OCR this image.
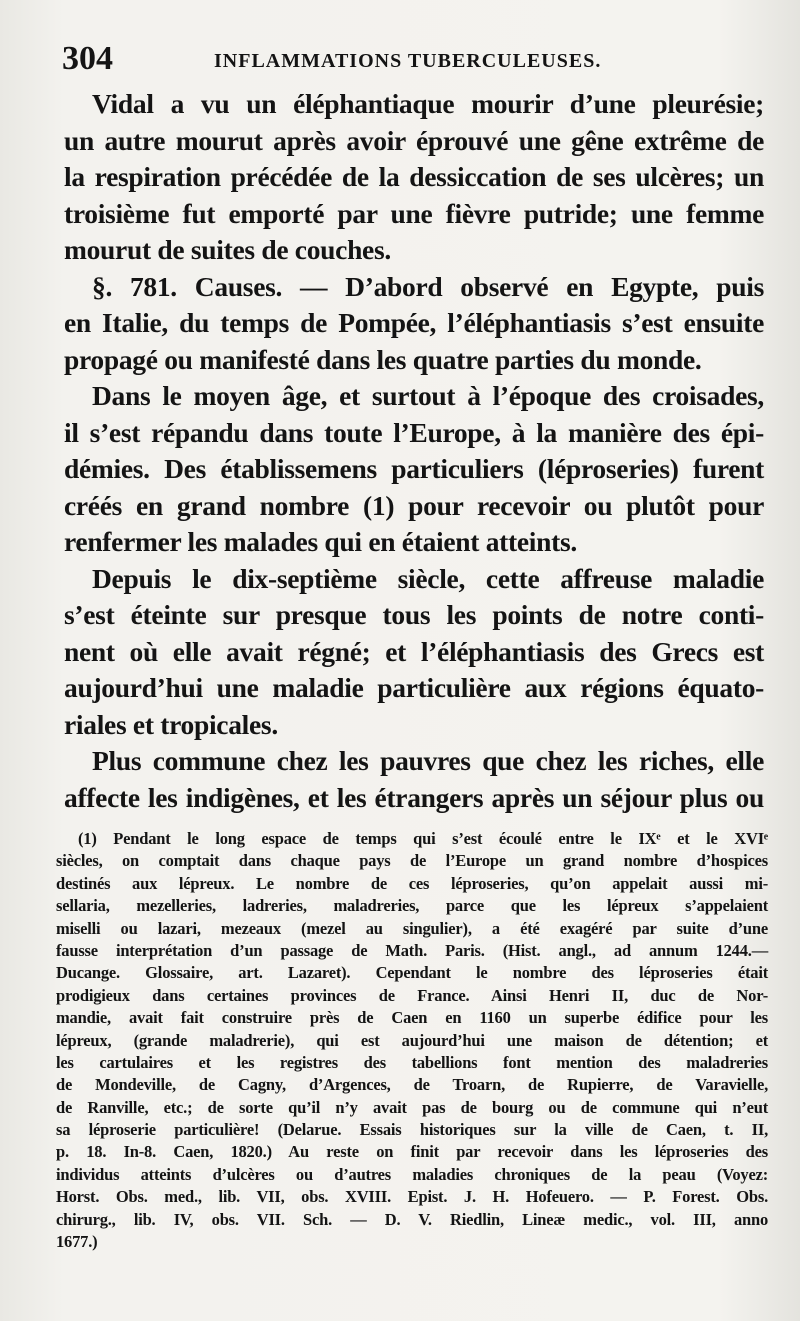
304	INFLAMMATIONS TUBERCULEUSES.
Vidal a vu un éléphantiaque mourir d’une pleurésie;
un autre mourut après avoir éprouvé une gêne extrême de
la respiration précédée de la dessiccation de ses ulcères; un
troisième fut emporté par une fièvre putride; une femme
mourut de suites de couches.
§. 781. Causes. — D’abord observé en Egypte, puis
en Italie, du temps de Pompée, l’éléphantiasis s’est ensuite
propagé ou manifesté dans les quatre parties du monde.
Dans le moyen âge, et surtout à l’époque des croisades,
il s’est répandu dans toute l’Europe, à la manière des épi-
démies. Des établissemens particuliers (léproseries) furent
créés en grand nombre (1) pour recevoir ou plutôt pour
renfermer les malades qui en étaient atteints.
Depuis le dix-septième siècle, cette affreuse maladie
s’est éteinte sur presque tous les points de notre conti-
nent où elle avait régné; et l’éléphantiasis des Grecs est
aujourd’hui une maladie particulière aux régions équato-
riales et tropicales.
Plus commune chez les pauvres que chez les riches, elle
affecte les indigènes, et les étrangers après un séjour plus ou
(1) Pendant le long espace de temps qui s’est écoulé entre le IXᵉ et le XVIᵉ
siècles, on comptait dans chaque pays de l’Europe un grand nombre d’hospices
destinés aux lépreux. Le nombre de ces léproseries, qu’on appelait aussi mi-
sellaria, mezelleries, ladreries, maladreries, parce que les lépreux s’appelaient
miselli ou lazari, mezeaux (mezel au singulier), a été exagéré par suite d’une
fausse interprétation d’un passage de Math. Paris. (Hist. angl., ad annum 1244.—
Ducange. Glossaire, art. Lazaret). Cependant le nombre des léproseries était
prodigieux dans certaines provinces de France. Ainsi Henri II, duc de Nor-
mandie, avait fait construire près de Caen en 1160 un superbe édifice pour les
lépreux, (grande maladrerie), qui est aujourd’hui une maison de détention; et
les cartulaires et les registres des tabellions font mention des maladreries
de Mondeville, de Cagny, d’Argences, de Troarn, de Rupierre, de Varavielle,
de Ranville, etc.; de sorte qu’il n’y avait pas de bourg ou de commune qui n’eut
sa léproserie particulière! (Delarue. Essais historiques sur la ville de Caen, t. II,
p. 18. In-8. Caen, 1820.) Au reste on finit par recevoir dans les léproseries des
individus atteints d’ulcères ou d’autres maladies chroniques de la peau (Voyez:
Horst. Obs. med., lib. VII, obs. XVIII. Epist. J. H. Hofeuero. — P. Forest. Obs.
chirurg., lib. IV, obs. VII. Sch. — D. V. Riedlin, Lineæ medic., vol. III, anno
1677.)
